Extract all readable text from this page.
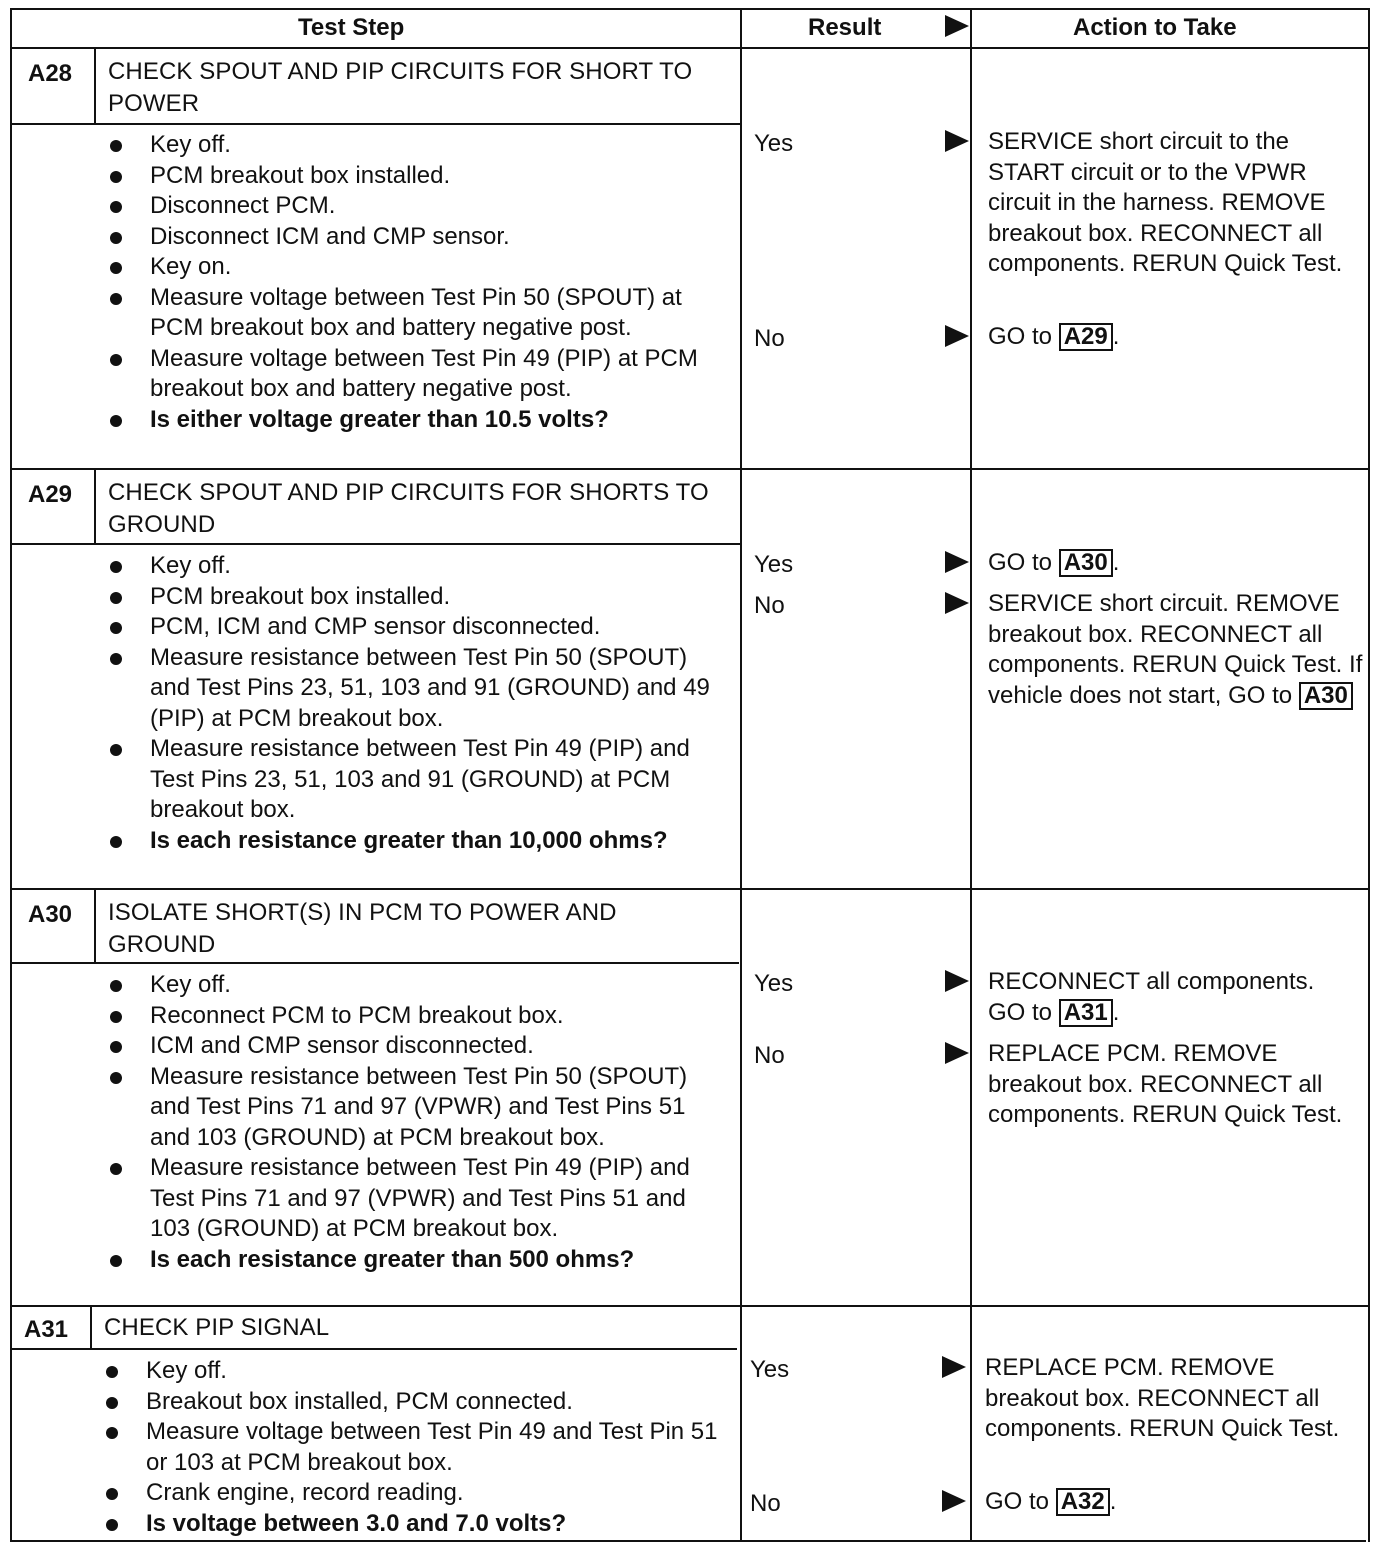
Test Step	Result	Action to Take
A28 CHECK SPOUT AND PIP CIRCUITS FOR SHORT TO POWER
Key off.
PCM breakout box installed.
Disconnect PCM.
Disconnect ICM and CMP sensor.
Key on.
Measure voltage between Test Pin 50 (SPOUT) at PCM breakout box and battery negative post.
Measure voltage between Test Pin 49 (PIP) at PCM breakout box and battery negative post.
Is either voltage greater than 10.5 volts?
Yes	SERVICE short circuit to the START circuit or to the VPWR circuit in the harness. REMOVE breakout box. RECONNECT all components. RERUN Quick Test.
No	GO to A29 .
A29 CHECK SPOUT AND PIP CIRCUITS FOR SHORTS TO GROUND
Key off.
PCM breakout box installed.
PCM, ICM and CMP sensor disconnected.
Measure resistance between Test Pin 50 (SPOUT) and Test Pins 23, 51, 103 and 91 (GROUND) and 49 (PIP) at PCM breakout box.
Measure resistance between Test Pin 49 (PIP) and Test Pins 23, 51, 103 and 91 (GROUND) at PCM breakout box.
Is each resistance greater than 10,000 ohms?
Yes	GO to A30 .
No	SERVICE short circuit. REMOVE breakout box. RECONNECT all components. RERUN Quick Test. If vehicle does not start, GO to A30
A30 ISOLATE SHORT(S) IN PCM TO POWER AND GROUND
Key off.
Reconnect PCM to PCM breakout box.
ICM and CMP sensor disconnected.
Measure resistance between Test Pin 50 (SPOUT) and Test Pins 71 and 97 (VPWR) and Test Pins 51 and 103 (GROUND) at PCM breakout box.
Measure resistance between Test Pin 49 (PIP) and Test Pins 71 and 97 (VPWR) and Test Pins 51 and 103 (GROUND) at PCM breakout box.
Is each resistance greater than 500 ohms?
Yes	RECONNECT all components.
GO to A31 .
No	REPLACE PCM. REMOVE breakout box. RECONNECT all components. RERUN Quick Test.
A31 CHECK PIP SIGNAL
Key off.
Breakout box installed, PCM connected.
Measure voltage between Test Pin 49 and Test Pin 51 or 103 at PCM breakout box.
Crank engine, record reading.
Is voltage between 3.0 and 7.0 volts?
Yes	REPLACE PCM. REMOVE breakout box. RECONNECT all components. RERUN Quick Test.
No	GO to A32 .
